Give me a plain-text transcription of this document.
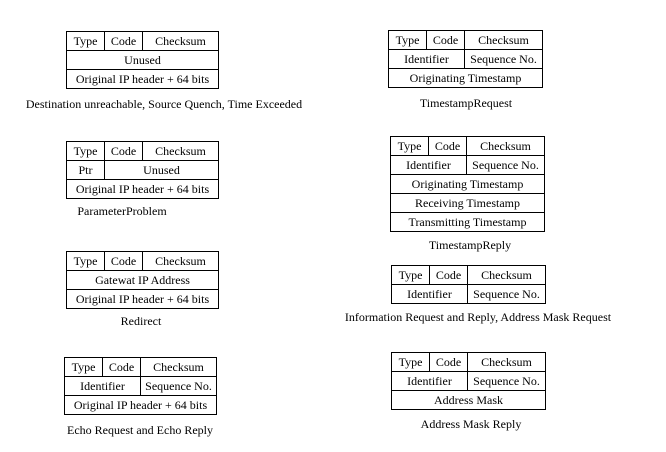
Type	Code	Checksum
Unused
Original IP header + 64 bits
Destination unreachable, Source Quench, Time Exceeded
Type	Code	Checksum
Ptr	Unused	
Original IP header + 64 bits		
ParameterProblem
Type	Code	Checksum
Gatewat IP Address
Original IP header + 64 bits
Redirect
Type	Code	Checksum
Identifier		Sequence No.
Original IP header + 64 bits		
Echo Request and Echo Reply
Type	Code	Checksum
Identifier		Sequence No.
Originating Timestamp		
TimestampRequest
Type	Code	Checksum
Identifier		Sequence No.
Originating Timestamp		
Receiving Timestamp		
Transmitting Timestamp		
TimestampReply
Type	Code	Checksum
Identifier		Sequence No.
Information Request and Reply, Address Mask Request
Type	Code	Checksum
Identifier		Sequence No.
Address Mask		
Address Mask Reply
